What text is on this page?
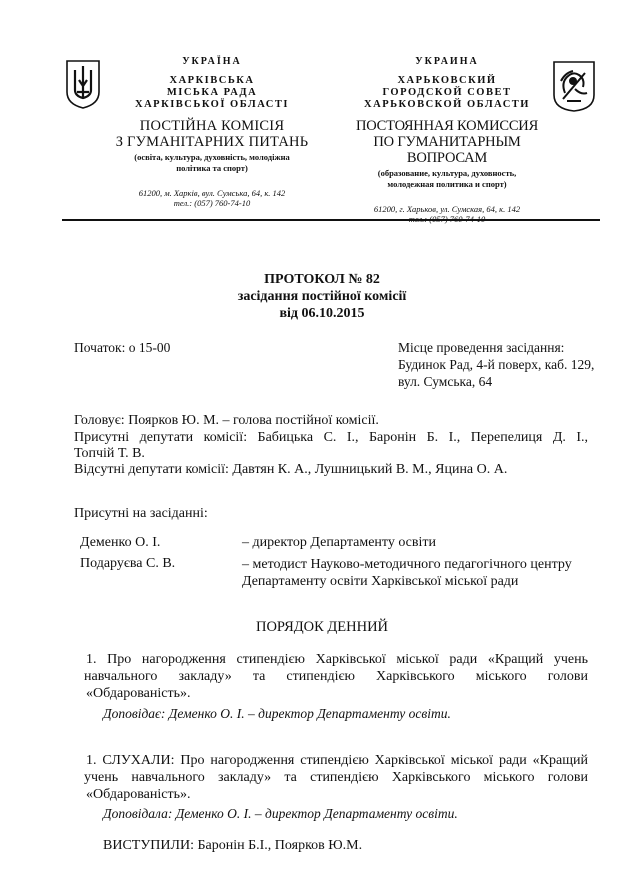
УКРАЇНА
ХАРКІВСЬКА
МІСЬКА РАДА
ХАРКІВСЬКОЇ ОБЛАСТІ
ПОСТІЙНА КОМІСІЯ
З ГУМАНІТАРНИХ ПИТАНЬ
(освіта, культура, духовність, молодіжна
політика та спорт)
61200, м. Харків, вул. Сумська, 64, к. 142
тел.: (057) 760-74-10
УКРАИНА
ХАРЬКОВСКИЙ
ГОРОДСКОЙ СОВЕТ
ХАРЬКОВСКОЙ ОБЛАСТИ
ПОСТОЯННАЯ КОМИССИЯ
ПО ГУМАНИТАРНЫМ ВОПРОСАМ
(образование, культура, духовность,
молодежная политика и спорт)
61200, г. Харьков, ул. Сумская, 64, к. 142
ПРОТОКОЛ № 82
засідання постійної комісії
від 06.10.2015
Початок: о 15-00	Місце проведення засідання:
Будинок Рад, 4-й поверх, каб. 129,
вул. Сумська, 64
Головує: Поярков Ю. М. – голова постійної комісії.
Присутні депутати комісії: Бабицька С. І., Баронін Б. І., Перепелиця Д. І.,
Топчій Т. В.
Відсутні депутати комісії: Давтян К. А., Лушницький В. М., Яцина О. А.
Присутні на засіданні:
Деменко О. І.	– директор Департаменту освіти
Подаруєва С. В.	– методист Науково-методичного педагогічного центру
Департаменту освіти Харківської міської ради
ПОРЯДОК ДЕННИЙ
1. Про нагородження стипендією Харківської міської ради «Кращий учень
навчального закладу» та стипендією Харківського міського голови
«Обдарованість».
Доповідає: Деменко О. І. – директор Департаменту освіти.
1. СЛУХАЛИ: Про нагородження стипендією Харківської міської ради «Кращий
учень навчального закладу» та стипендією Харківського міського голови
«Обдарованість».
Доповідала: Деменко О. І. – директор Департаменту освіти.
ВИСТУПИЛИ: Баронін Б.І., Поярков Ю.М.
